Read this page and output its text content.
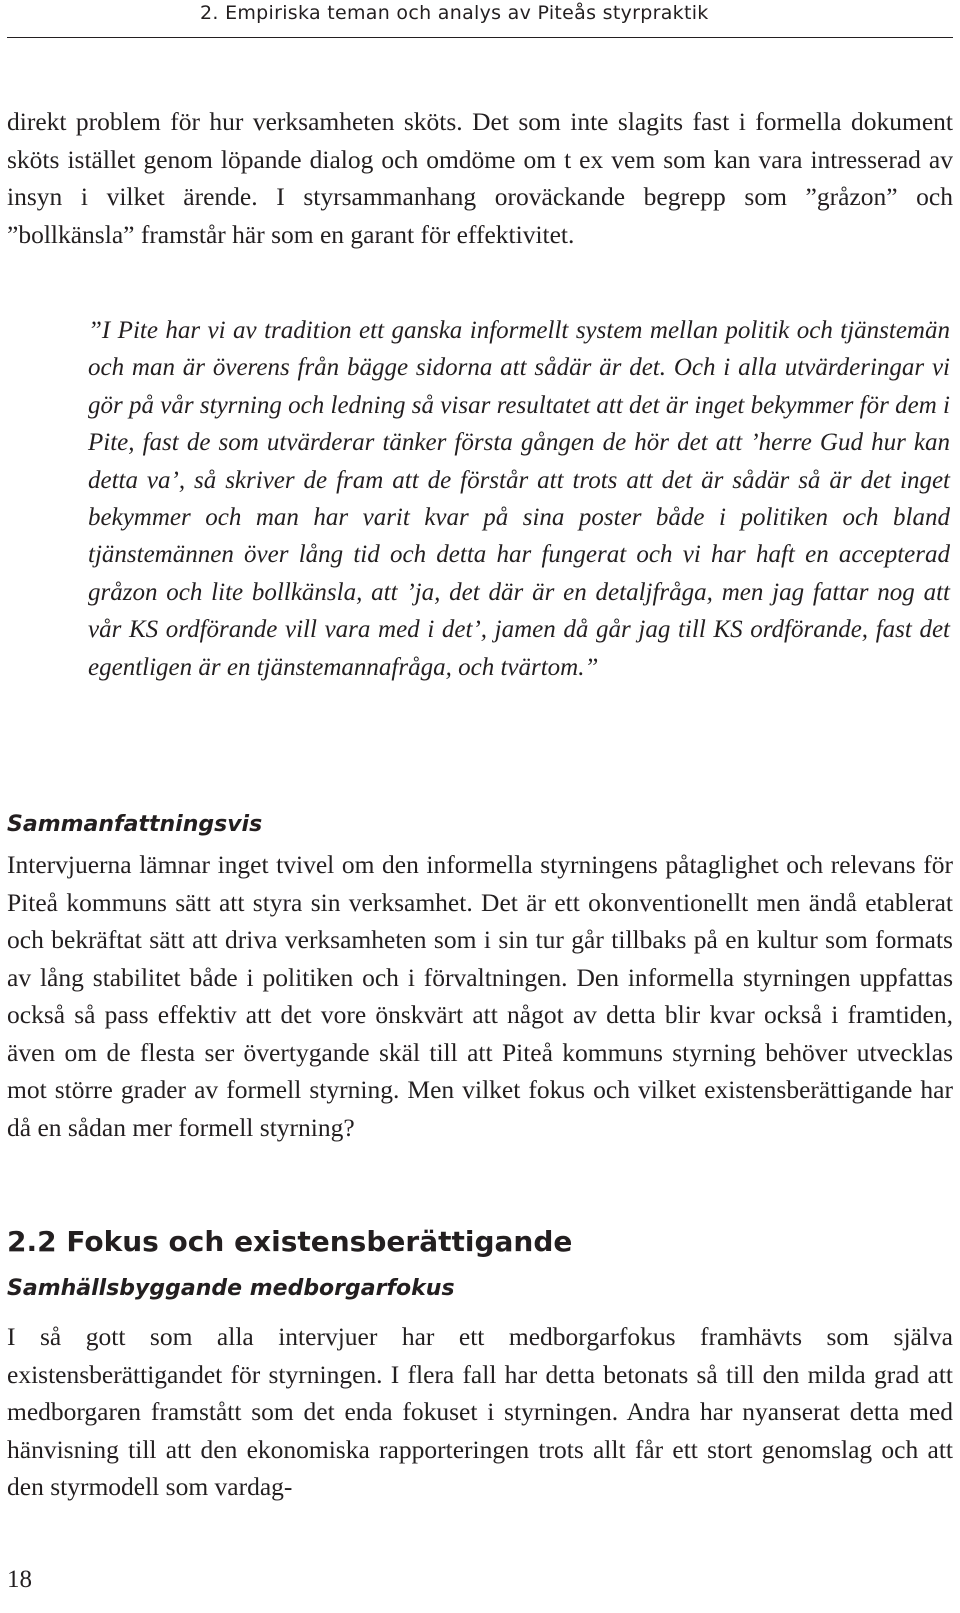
2. Empiriska teman och analys av Piteås styrpraktik

direkt problem för hur verksamheten sköts. Det som inte slagits fast i formella dokument sköts istället genom löpande dialog och omdöme om t ex vem som kan vara intresserad av insyn i vilket ärende. I styrsammanhang oroväckande begrepp som ”gråzon” och ”bollkänsla” framstår här som en garant för effektivitet.

”I Pite har vi av tradition ett ganska informellt system mellan politik och tjänstemän och man är överens från bägge sidorna att sådär är det. Och i alla utvärderingar vi gör på vår styrning och ledning så visar resultatet att det är inget bekymmer för dem i Pite, fast de som utvärderar tänker första gången de hör det att ’herre Gud hur kan detta va’, så skriver de fram att de förstår att trots att det är sådär så är det inget bekymmer och man har varit kvar på sina poster både i politiken och bland tjänstemännen över lång tid och detta har fungerat och vi har haft en accepterad gråzon och lite bollkänsla, att ’ja, det där är en detaljfråga, men jag fattar nog att vår KS ordförande vill vara med i det’, jamen då går jag till KS ordförande, fast det egentligen är en tjänstemannafråga, och tvärtom.”

Sammanfattningsvis

Intervjuerna lämnar inget tvivel om den informella styrningens påtaglighet och relevans för Piteå kommuns sätt att styra sin verksamhet. Det är ett okonventionellt men ändå etablerat och bekräftat sätt att driva verksamheten som i sin tur går tillbaks på en kultur som formats av lång stabilitet både i politiken och i förvaltningen. Den informella styrningen uppfattas också så pass effektiv att det vore önskvärt att något av detta blir kvar också i framtiden, även om de flesta ser övertygande skäl till att Piteå kommuns styrning behöver utvecklas mot större grader av formell styrning. Men vilket fokus och vilket existensberättigande har då en sådan mer formell styrning?

2.2 Fokus och existensberättigande
Samhällsbyggande medborgarfokus

I så gott som alla intervjuer har ett medborgarfokus framhävts som själva existensberättigandet för styrningen. I flera fall har detta betonats så till den milda grad att medborgaren framstått som det enda fokuset i styrningen. Andra har nyanserat detta med hänvisning till att den ekonomiska rapporteringen trots allt får ett stort genomslag och att den styrmodell som vardag-

18
